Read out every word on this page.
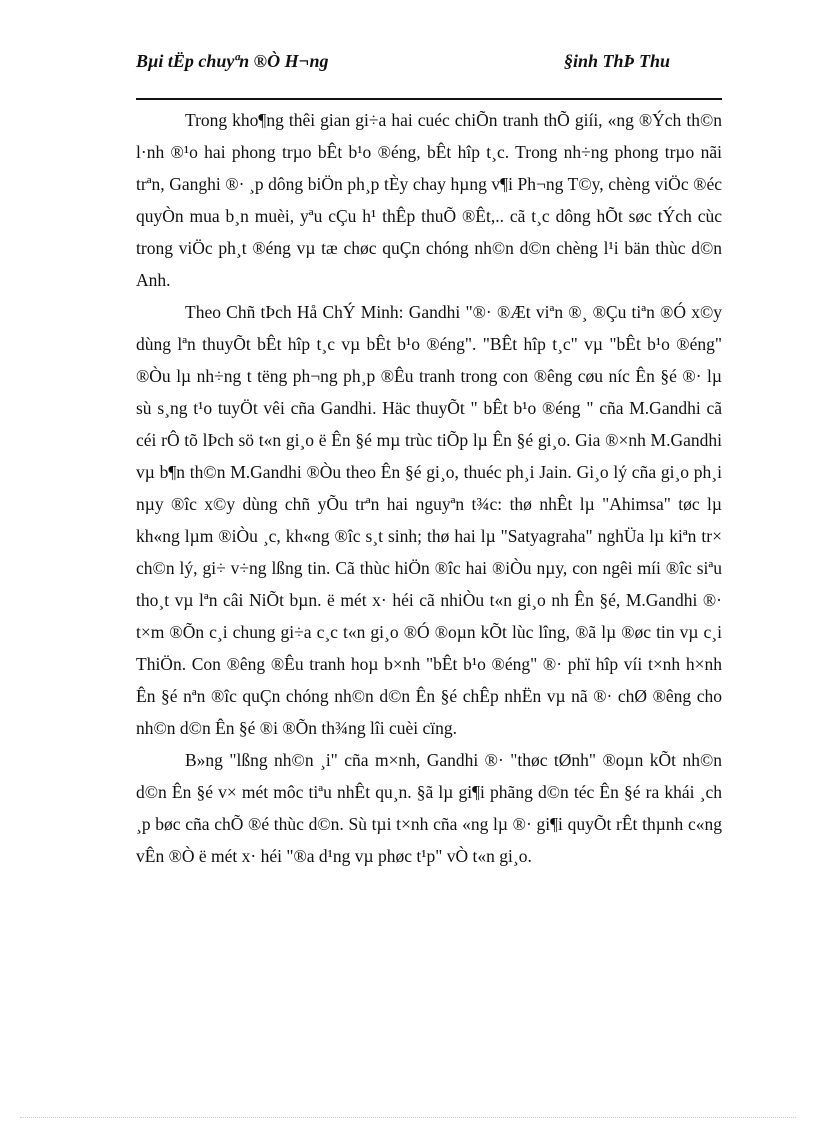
Bµi tËp chuyªn ®Ò H¬ng	§inh ThÞ Thu

Trong kho¶ng thêi gian gi÷a hai cuéc chiÕn tranh thÕ giíi, «ng ®Ých th©n l·nh ®¹o hai phong trµo bÊt b¹o ®éng, bÊt hîp t¸c. Trong nh÷ng phong trµo nãi trªn, Ganghi ®· ¸p dông biÖn ph¸p tÈy chay hµng v¶i Ph¬ng T©y, chèng viÖc ®éc quyÒn mua b¸n muèi, yªu cÇu h¹ thÊp thuÕ ®Êt,.. cã t¸c dông hÕt søc tÝch cùc trong viÖc ph¸t ®éng vµ tæ chøc quÇn chóng nh©n d©n chèng l¹i bän thùc d©n Anh.

Theo Chñ tÞch Hå ChÝ Minh: Gandhi "®· ®Æt viªn ®¸ ®Çu tiªn ®Ó x©y dùng lªn thuyÕt bÊt hîp t¸c vµ bÊt b¹o ®éng". "BÊt hîp t¸c" vµ "bÊt b¹o ®éng" ®Òu lµ nh÷ng t tëng ph¬ng ph¸p ®Êu tranh trong con ®êng cøu níc Ên §é ®· lµ sù s¸ng t¹o tuyÖt vêi cña Gandhi. Häc thuyÕt " bÊt b¹o ®éng " cña M.Gandhi cã céi rÔ tõ lÞch sö t«n gi¸o ë Ên §é mµ trùc tiÕp lµ Ên §é gi¸o. Gia ®×nh M.Gandhi vµ b¶n th©n M.Gandhi ®Òu theo Ên §é gi¸o, thuéc ph¸i Jain. Gi¸o lý cña gi¸o ph¸i nµy ®îc x©y dùng chñ yÕu trªn hai nguyªn t¾c: thø nhÊt lµ "Ahimsa" tøc lµ kh«ng lµm ®iÒu ¸c, kh«ng ®îc s¸t sinh; thø hai lµ "Satyagraha" nghÜa lµ kiªn tr× ch©n lý, gi÷ v÷ng lßng tin. Cã thùc hiÖn ®îc hai ®iÒu nµy, con ngêi míi ®îc siªu tho¸t vµ lªn câi NiÕt bµn. ë mét x· héi cã nhiÒu t«n gi¸o nh Ên §é, M.Gandhi ®· t×m ®Õn c¸i chung gi÷a c¸c t«n gi¸o ®Ó ®oµn kÕt lùc lîng, ®ã lµ ®øc tin vµ c¸i ThiÖn. Con ®êng ®Êu tranh hoµ b×nh "bÊt b¹o ®éng" ®· phï hîp víi t×nh h×nh Ên §é nªn ®îc quÇn chóng nh©n d©n Ên §é chÊp nhËn vµ nã ®· chØ ®êng cho nh©n d©n Ên §é ®i ®Õn th¾ng lîi cuèi cïng.

B»ng "lßng nh©n ¸i" cña m×nh, Gandhi ®· "thøc tØnh" ®oµn kÕt nh©n d©n Ên §é v× mét môc tiªu nhÊt qu¸n. §ã lµ gi¶i phãng d©n téc Ên §é ra khái ¸ch ¸p bøc cña chÕ ®é thùc d©n. Sù tµi t×nh cña «ng lµ ®· gi¶i quyÕt rÊt thµnh c«ng vÊn ®Ò ë mét x· héi "®a d¹ng vµ phøc t¹p" vÒ t«n gi¸o.
